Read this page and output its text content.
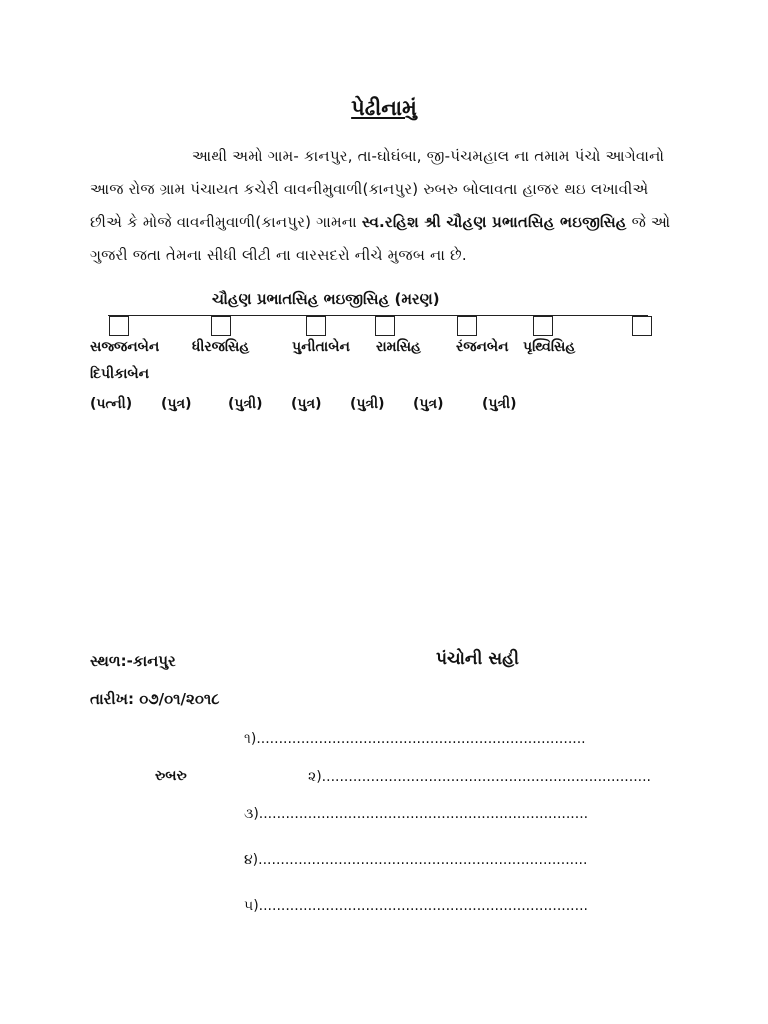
પેઢીનામું
આથી અમો ગામ- કાનપુર, તા-ઘોઘંબા, જી-પંચમહાલ ના તમામ પંચો આગેવાનો
આજ રોજ ગ્રામ પંચાયત કચેરી વાવનીમુવાળી(કાનપુર) રુબરુ બોલાવતા હાજર થઇ લખાવીએ
છીએ કે મોજે વાવનીમુવાળી(કાનપુર) ગામના સ્વ.રહિશ શ્રી ચૌહણ પ્રભાતસિહ ભઇજીસિહ જે ઓ
ગુજરી જતા તેમના સીધી લીટી ના વારસદરો નીચે મુજબ ના છે.
ચૌહણ પ્રભાતસિહ ભઇજીસિહ (મરણ)
સજ્જનબેન ધીરજસિહ	પુનીતાબેન રામસિહ રંજનબેન પૃથ્વિસિહ
દિપીકાબેન
(પત્ની) (પુત્ર)	(પુત્રી) (પુત્ર) (પુત્રી) (પુત્ર)	(પુત્રી)
સ્થળ:-કાનપુર	પંચોની સહી
તારીખ: ૦૭/૦૧/૨૦૧૮
૧)..........................................................................
રુબરુ	૨)..........................................................................
૩)..........................................................................
૪)..........................................................................
૫)..........................................................................
